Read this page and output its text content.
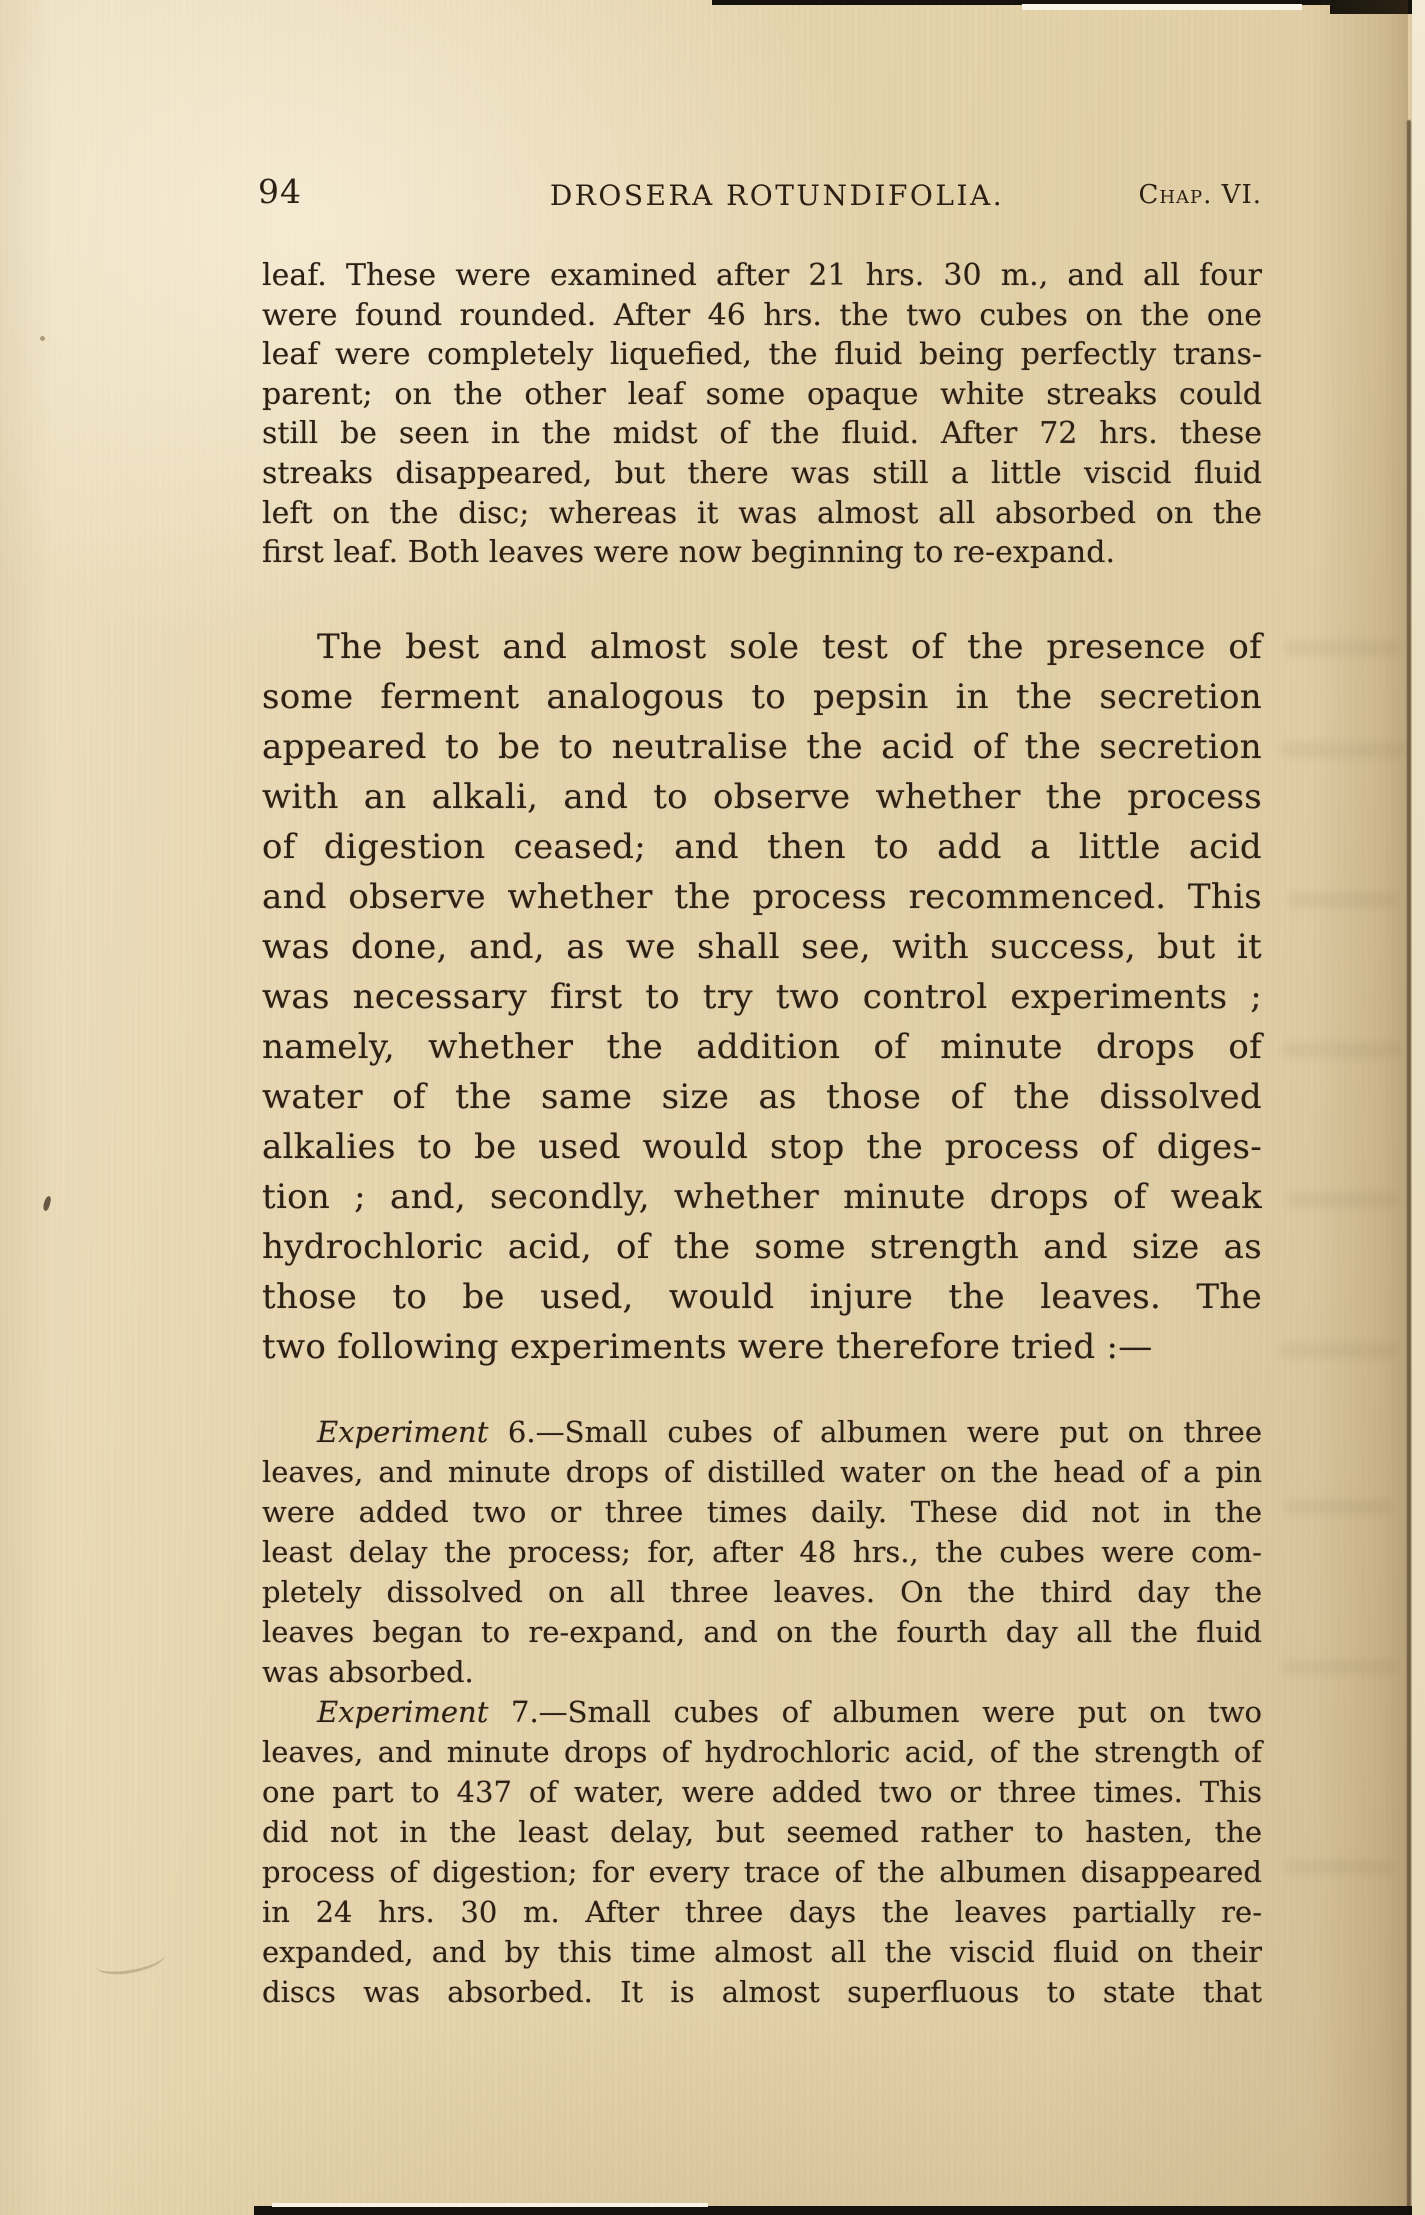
94	DROSERA ROTUNDIFOLIA.	Chap. VI.
leaf. These were examined after 21 hrs. 30 m., and all four
were found rounded. After 46 hrs. the two cubes on the one
leaf were completely liquefied, the fluid being perfectly trans-
parent; on the other leaf some opaque white streaks could
still be seen in the midst of the fluid. After 72 hrs. these
streaks disappeared, but there was still a little viscid fluid
left on the disc; whereas it was almost all absorbed on the
first leaf. Both leaves were now beginning to re-expand.
The best and almost sole test of the presence of
some ferment analogous to pepsin in the secretion
appeared to be to neutralise the acid of the secretion
with an alkali, and to observe whether the process
of digestion ceased; and then to add a little acid
and observe whether the process recommenced. This
was done, and, as we shall see, with success, but it
was necessary first to try two control experiments ;
namely, whether the addition of minute drops of
water of the same size as those of the dissolved
alkalies to be used would stop the process of diges-
tion ; and, secondly, whether minute drops of weak
hydrochloric acid, of the some strength and size as
those to be used, would injure the leaves. The
two following experiments were therefore tried :—
Experiment 6.—Small cubes of albumen were put on three
leaves, and minute drops of distilled water on the head of a pin
were added two or three times daily. These did not in the
least delay the process; for, after 48 hrs., the cubes were com-
pletely dissolved on all three leaves. On the third day the
leaves began to re-expand, and on the fourth day all the fluid
was absorbed.
Experiment 7.—Small cubes of albumen were put on two
leaves, and minute drops of hydrochloric acid, of the strength of
one part to 437 of water, were added two or three times. This
did not in the least delay, but seemed rather to hasten, the
process of digestion; for every trace of the albumen disappeared
in 24 hrs. 30 m. After three days the leaves partially re-
expanded, and by this time almost all the viscid fluid on their
discs was absorbed. It is almost superfluous to state that
